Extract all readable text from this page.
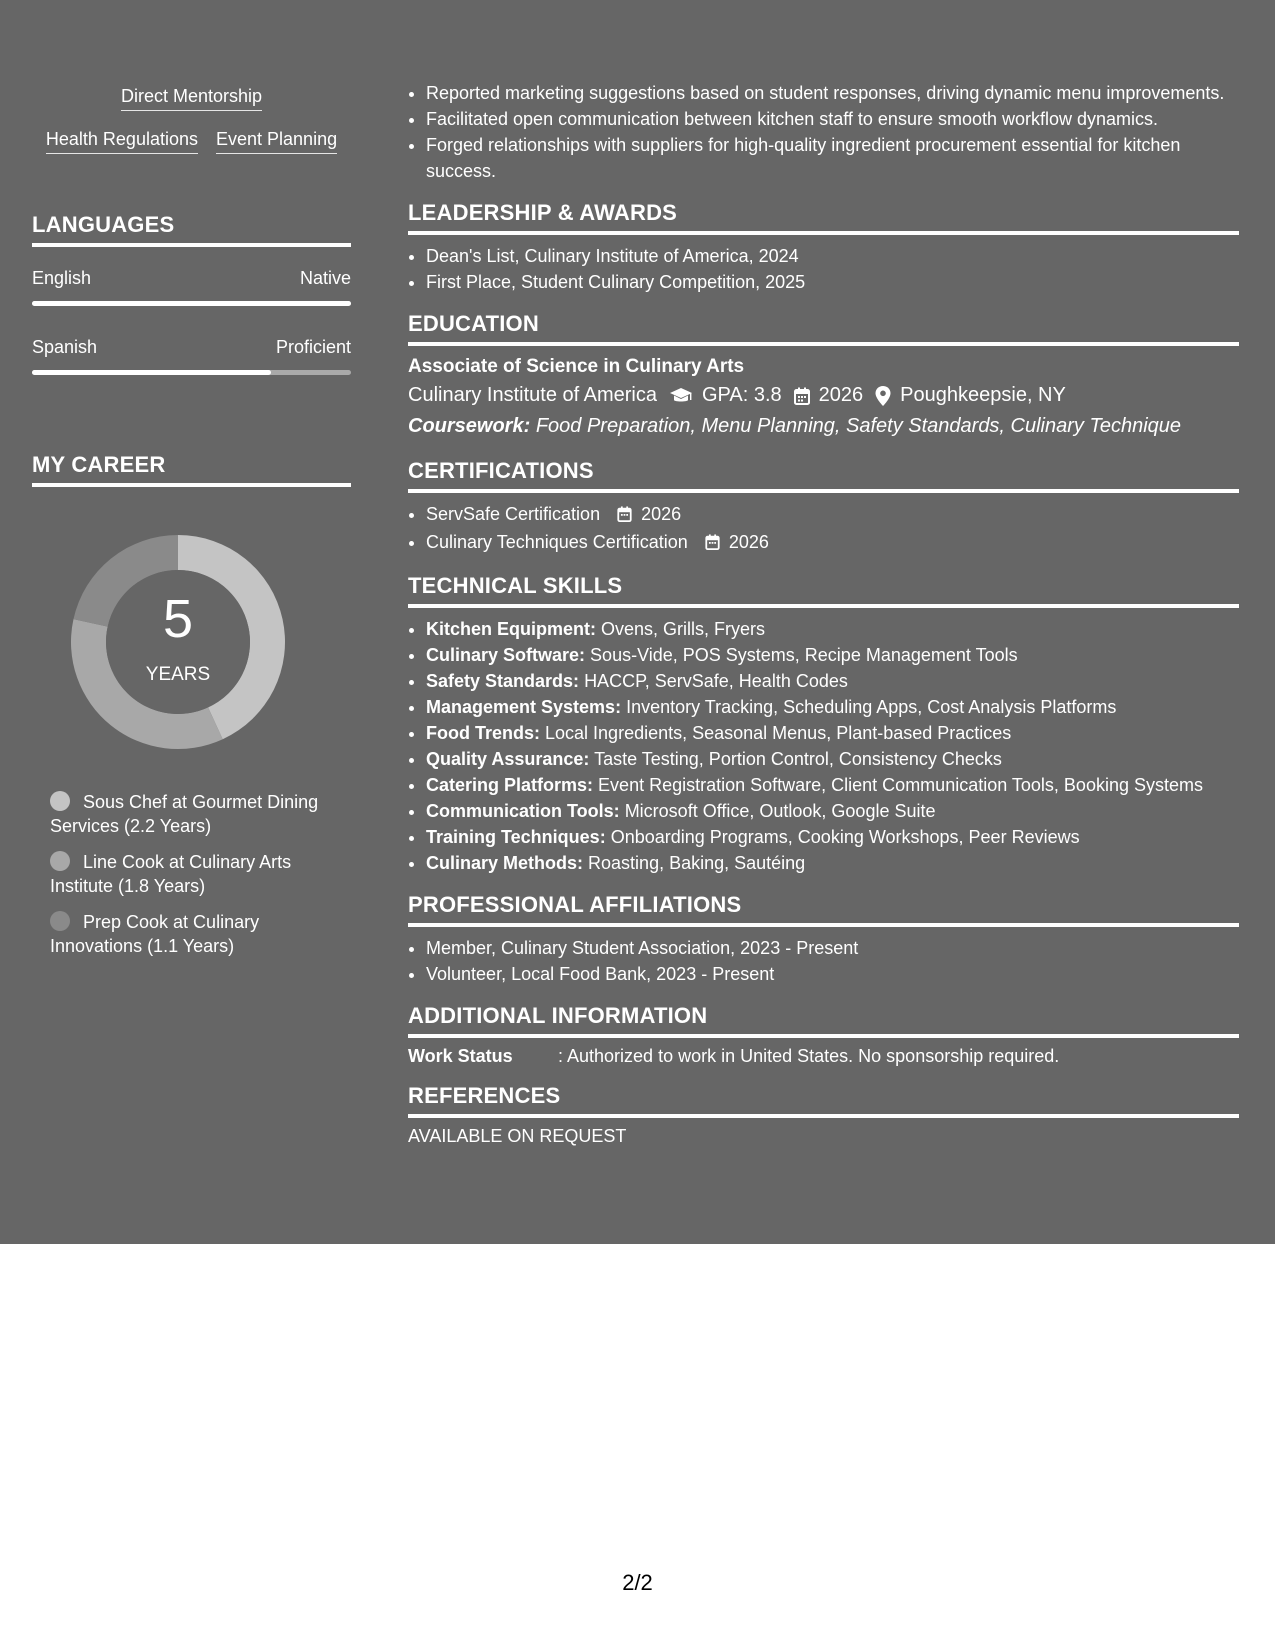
Direct Mentorship
Health Regulations Event Planning
LANGUAGES
English	Native
Spanish	Proficient
MY CAREER
5
YEARS
Sous Chef at Gourmet Dining Services (2.2 Years)
Line Cook at Culinary Arts Institute (1.8 Years)
Prep Cook at Culinary Innovations (1.1 Years)
• Reported marketing suggestions based on student responses, driving dynamic menu improvements.
• Facilitated open communication between kitchen staff to ensure smooth workflow dynamics.
• Forged relationships with suppliers for high-quality ingredient procurement essential for kitchen success.
LEADERSHIP & AWARDS
• Dean's List, Culinary Institute of America, 2024
• First Place, Student Culinary Competition, 2025
EDUCATION
Associate of Science in Culinary Arts
Culinary Institute of America GPA: 3.8 2026 Poughkeepsie, NY
Coursework: Food Preparation, Menu Planning, Safety Standards, Culinary Technique
CERTIFICATIONS
• ServSafe Certification 2026
• Culinary Techniques Certification 2026
TECHNICAL SKILLS
• Kitchen Equipment: Ovens, Grills, Fryers
• Culinary Software: Sous-Vide, POS Systems, Recipe Management Tools
• Safety Standards: HACCP, ServSafe, Health Codes
• Management Systems: Inventory Tracking, Scheduling Apps, Cost Analysis Platforms
• Food Trends: Local Ingredients, Seasonal Menus, Plant-based Practices
• Quality Assurance: Taste Testing, Portion Control, Consistency Checks
• Catering Platforms: Event Registration Software, Client Communication Tools, Booking Systems
• Communication Tools: Microsoft Office, Outlook, Google Suite
• Training Techniques: Onboarding Programs, Cooking Workshops, Peer Reviews
• Culinary Methods: Roasting, Baking, Sautéing
PROFESSIONAL AFFILIATIONS
• Member, Culinary Student Association, 2023 - Present
• Volunteer, Local Food Bank, 2023 - Present
ADDITIONAL INFORMATION
Work Status	: Authorized to work in United States. No sponsorship required.
REFERENCES
AVAILABLE ON REQUEST
2/2
